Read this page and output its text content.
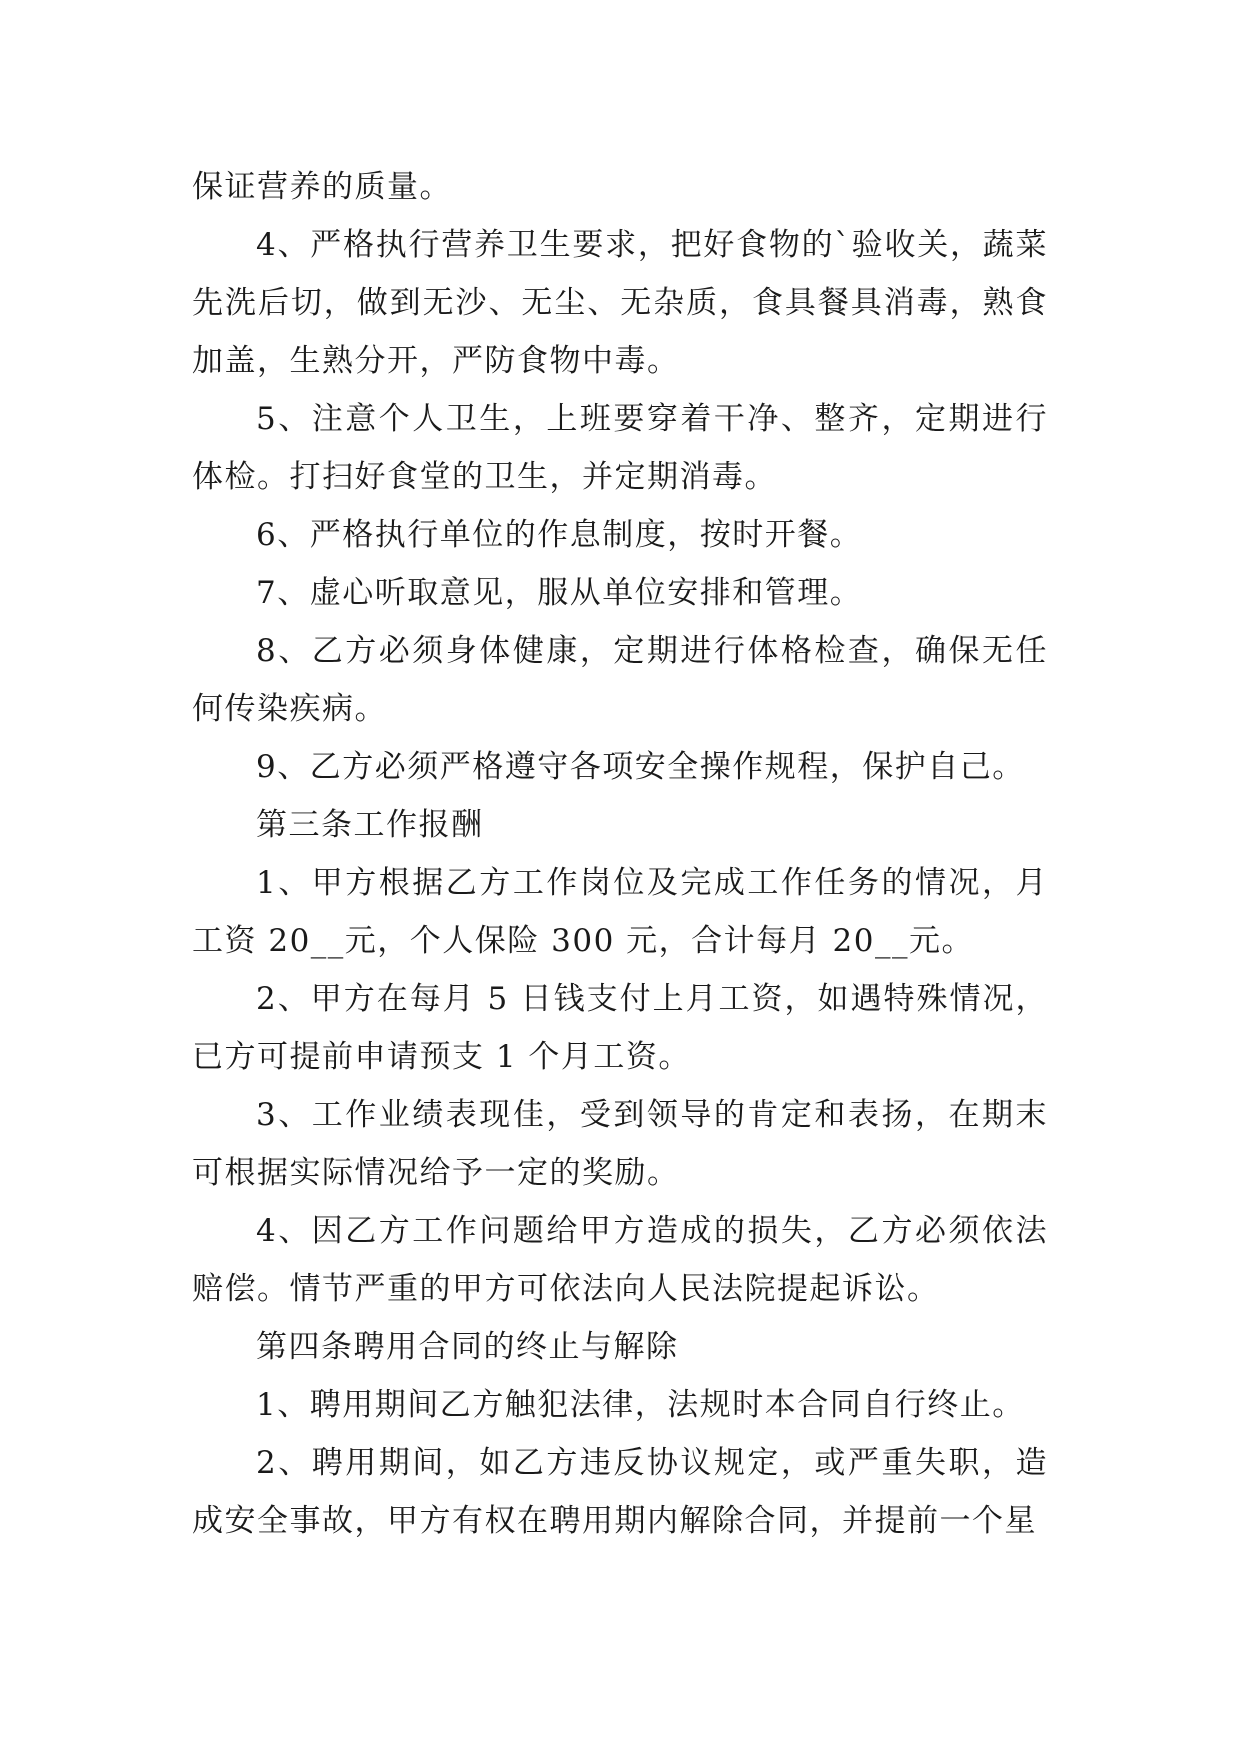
保证营养的质量。

4、严格执行营养卫生要求，把好食物的`验收关，蔬菜先洗后切，做到无沙、无尘、无杂质，食具餐具消毒，熟食加盖，生熟分开，严防食物中毒。

5、注意个人卫生，上班要穿着干净、整齐，定期进行体检。打扫好食堂的卫生，并定期消毒。

6、严格执行单位的作息制度，按时开餐。

7、虚心听取意见，服从单位安排和管理。

8、乙方必须身体健康，定期进行体格检查，确保无任何传染疾病。

9、乙方必须严格遵守各项安全操作规程，保护自己。

第三条工作报酬

1、甲方根据乙方工作岗位及完成工作任务的情况，月工资 20__元，个人保险 300 元，合计每月 20__元。

2、甲方在每月 5 日钱支付上月工资，如遇特殊情况，已方可提前申请预支 1 个月工资。

3、工作业绩表现佳，受到领导的肯定和表扬，在期末可根据实际情况给予一定的奖励。

4、因乙方工作问题给甲方造成的损失，乙方必须依法赔偿。情节严重的甲方可依法向人民法院提起诉讼。

第四条聘用合同的终止与解除

1、聘用期间乙方触犯法律，法规时本合同自行终止。

2、聘用期间，如乙方违反协议规定，或严重失职，造成安全事故，甲方有权在聘用期内解除合同，并提前一个星
